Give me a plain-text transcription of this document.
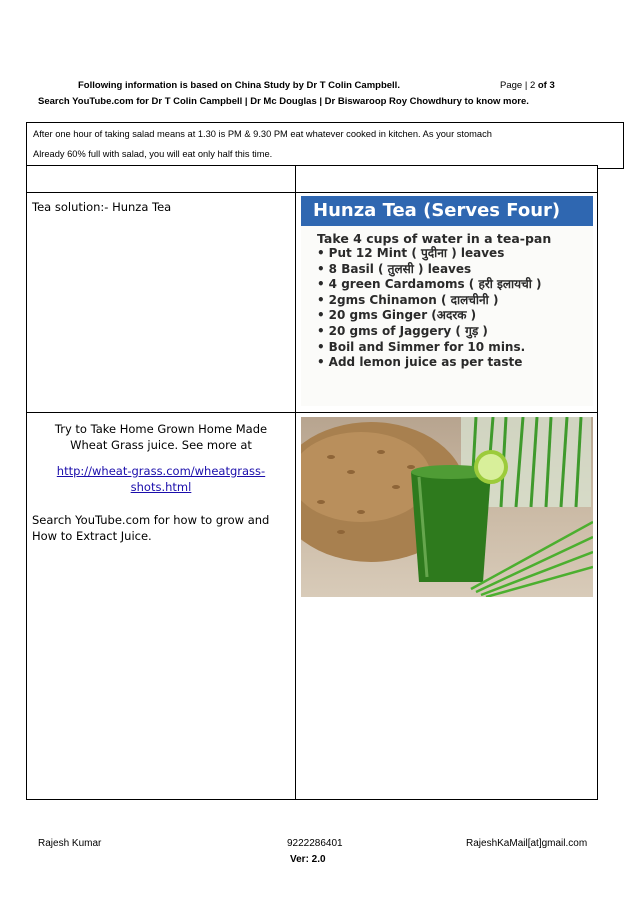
Following information is based on China Study by Dr T Colin Campbell.	Page | 2 of 3
Search YouTube.com for Dr T Colin Campbell | Dr Mc Douglas | Dr Biswaroop Roy Chowdhury to know more.
After one hour of taking salad means at 1.30 is PM & 9.30 PM eat whatever cooked in kitchen. As your stomach
Already 60% full with salad, you will eat only half this time.
Tea solution:- Hunza Tea	Hunza Tea (Serves Four)
Take 4 cups of water in a tea-pan
• Put 12 Mint ( पुदीना ) leaves
• 8 Basil ( तुलसी ) leaves
• 4 green Cardamoms ( हरी इलायची )
• 2gms Chinamon ( दालचीनी )
• 20 gms Ginger (अदरक )
• 20 gms of Jaggery ( गुड़ )
• Boil and Simmer for 10 mins.
• Add lemon juice as per taste
Try to Take Home Grown Home Made
Wheat Grass juice. See more at
http://wheat-grass.com/wheatgrass-
shots.html
Search YouTube.com for how to grow and
How to Extract Juice.
Rajesh Kumar	9222286401
Ver: 2.0
RajeshKaMail[at]gmail.com
